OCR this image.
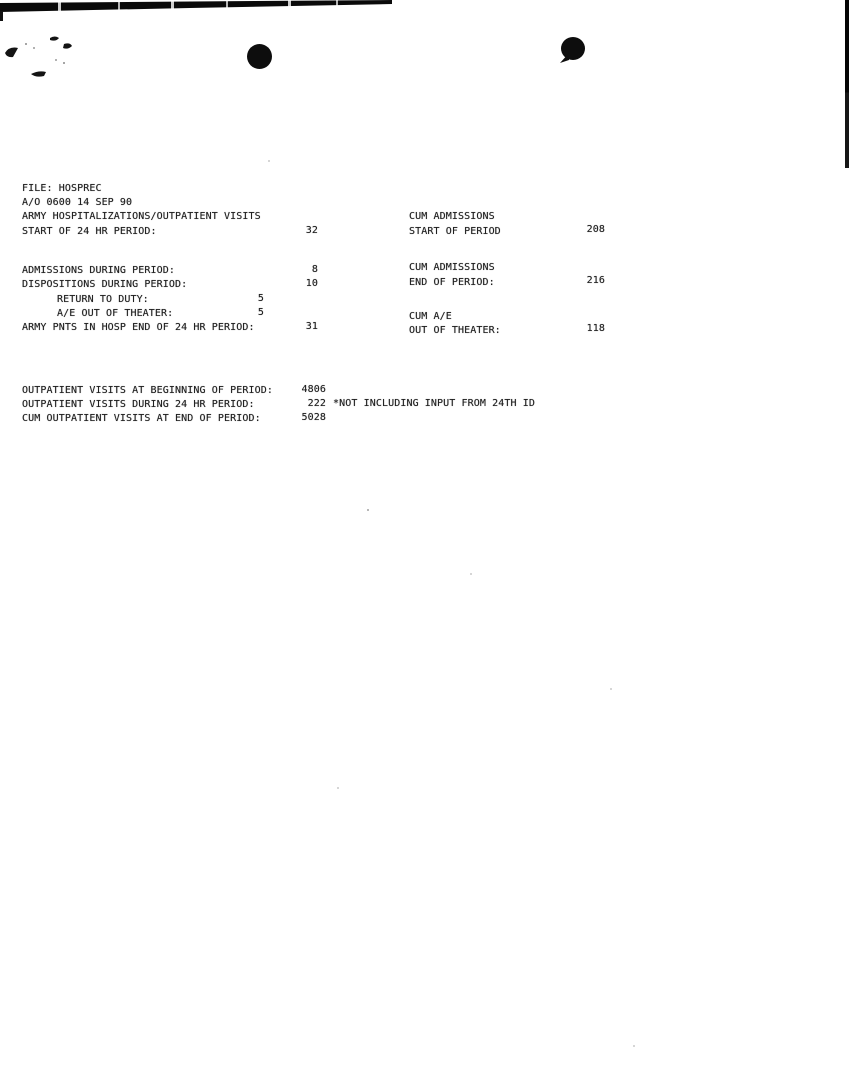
FILE: HOSPREC
A/O 0600 14 SEP 90
ARMY HOSPITALIZATIONS/OUTPATIENT VISITS
START OF 24 HR PERIOD:	32
ADMISSIONS DURING PERIOD:	8
DISPOSITIONS DURING PERIOD:	10
RETURN TO DUTY:	5
A/E OUT OF THEATER:	5
ARMY PNTS IN HOSP END OF 24 HR PERIOD:	31
CUM ADMISSIONS
START OF PERIOD	208
CUM ADMISSIONS
END OF PERIOD:	216
CUM A/E
OUT OF THEATER:	118
OUTPATIENT VISITS AT BEGINNING OF PERIOD:	4806
OUTPATIENT VISITS DURING 24 HR PERIOD:	222 *NOT INCLUDING INPUT FROM 24TH ID
CUM OUTPATIENT VISITS AT END OF PERIOD:	5028
